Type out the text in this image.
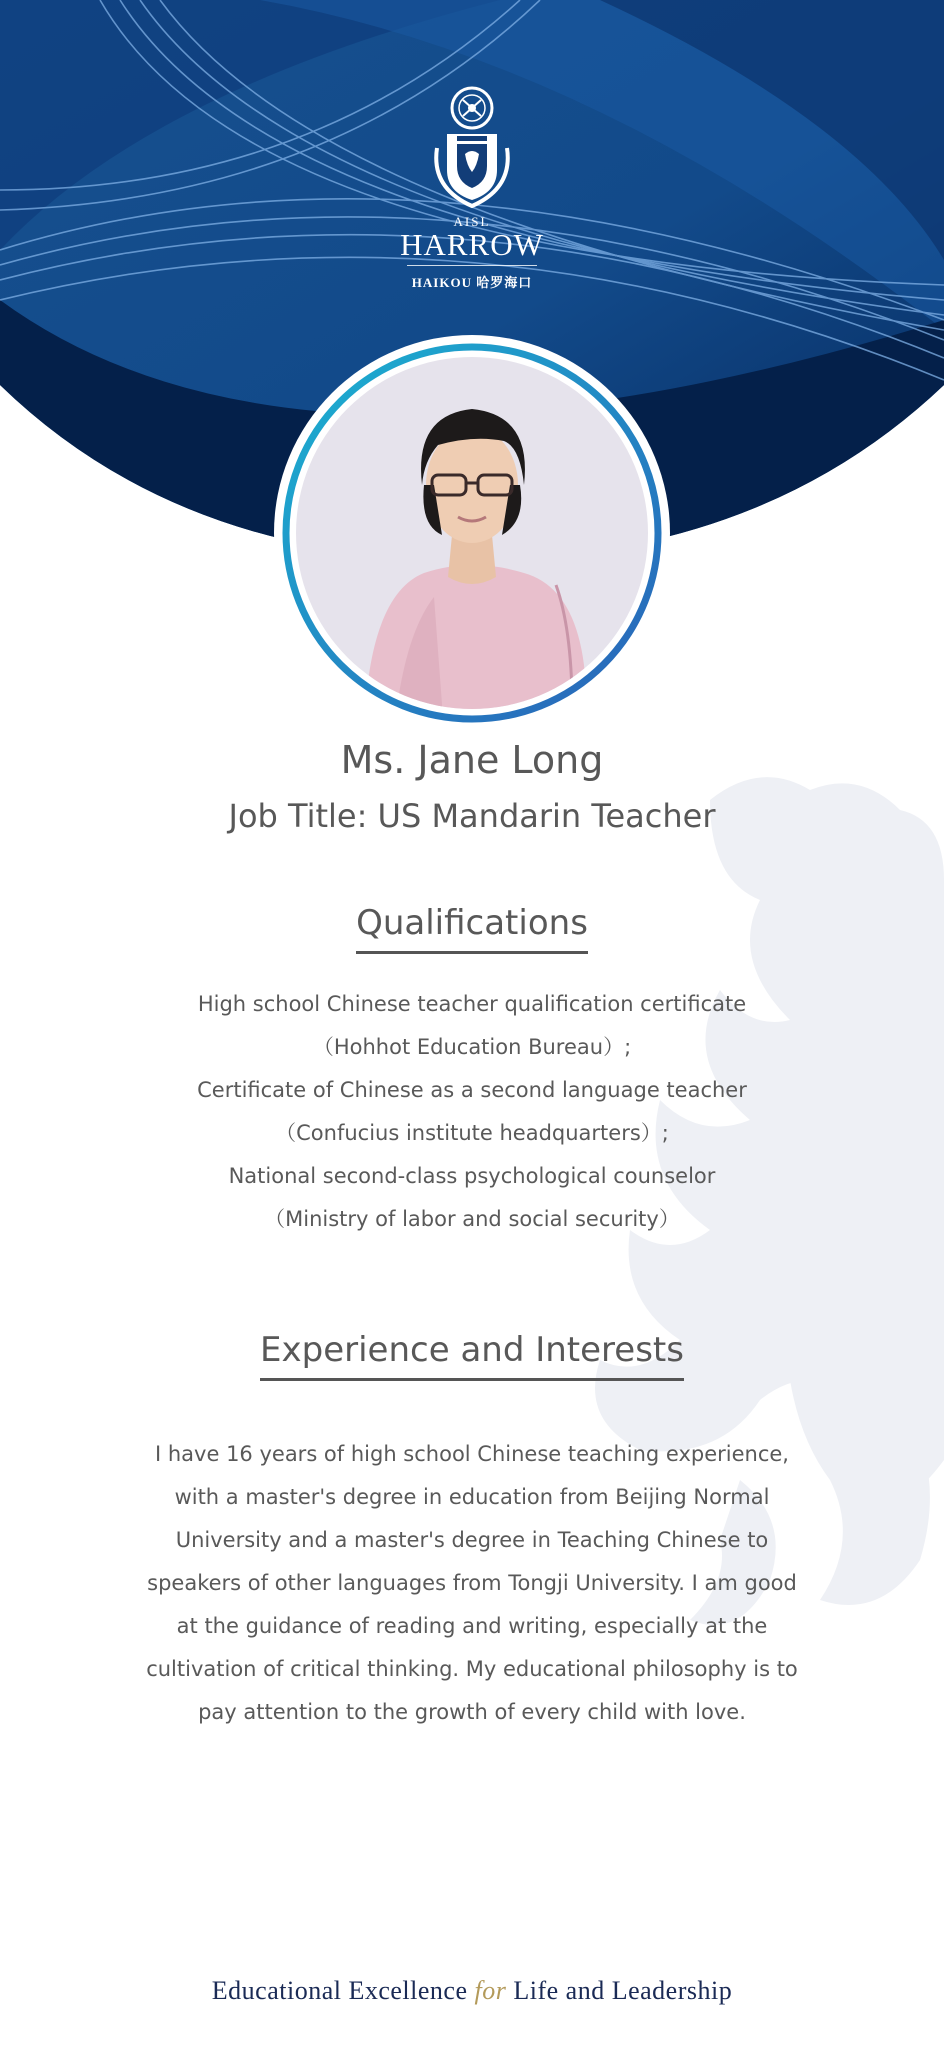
AISL
HARROW
HAIKOU 哈罗海口
Ms. Jane Long
Job Title: US Mandarin Teacher
Qualifications

High school Chinese teacher qualification certificate

（Hohhot Education Bureau）;

Certificate of Chinese as a second language teacher

（Confucius institute headquarters）;

National second-class psychological counselor

（Ministry of labor and social security）

Experience and Interests
I have 16 years of high school Chinese teaching experience, with a master's degree in education from Beijing Normal University and a master's degree in Teaching Chinese to speakers of other languages from Tongji University. I am good at the guidance of reading and writing, especially at the cultivation of critical thinking. My educational philosophy is to pay attention to the growth of every child with love.
Educational Excellence for Life and Leadership
